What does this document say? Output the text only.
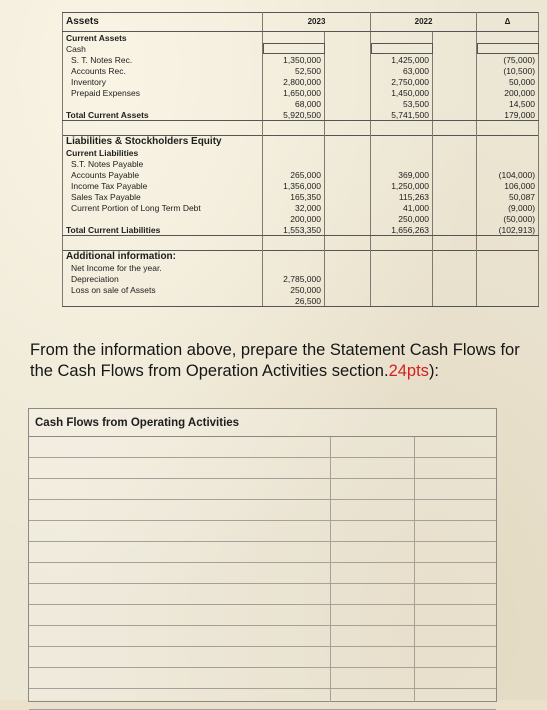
Assets	2023		2022		Δ
Current Assets					
Cash					
S. T. Notes Rec.	1,350,000		1,425,000		(75,000)
Accounts Rec.	52,500		63,000		(10,500)
Inventory	2,800,000		2,750,000		50,000
Prepaid Expenses	1,650,000		1,450,000		200,000
	68,000		53,500		14,500
Total Current Assets	5,920,500		5,741,500		179,000

Liabilities & Stockholders Equity					
Current Liabilities					
S.T. Notes Payable					
Accounts Payable	265,000		369,000		(104,000)
Income Tax Payable	1,356,000		1,250,000		106,000
Sales Tax Payable	165,350		115,263		50,087
Current Portion of Long Term Debt	32,000		41,000		(9,000)
	200,000		250,000		(50,000)
Total Current Liabilities	1,553,350		1,656,263		(102,913)

Additional information:					
Net Income for the year.					
Depreciation	2,785,000				
Loss on sale of Assets	250,000				
	26,500				
From the information above, prepare the Statement Cash Flows for the Cash Flows from Operation Activities section.24pts):
Cash Flows from Operating Activities
